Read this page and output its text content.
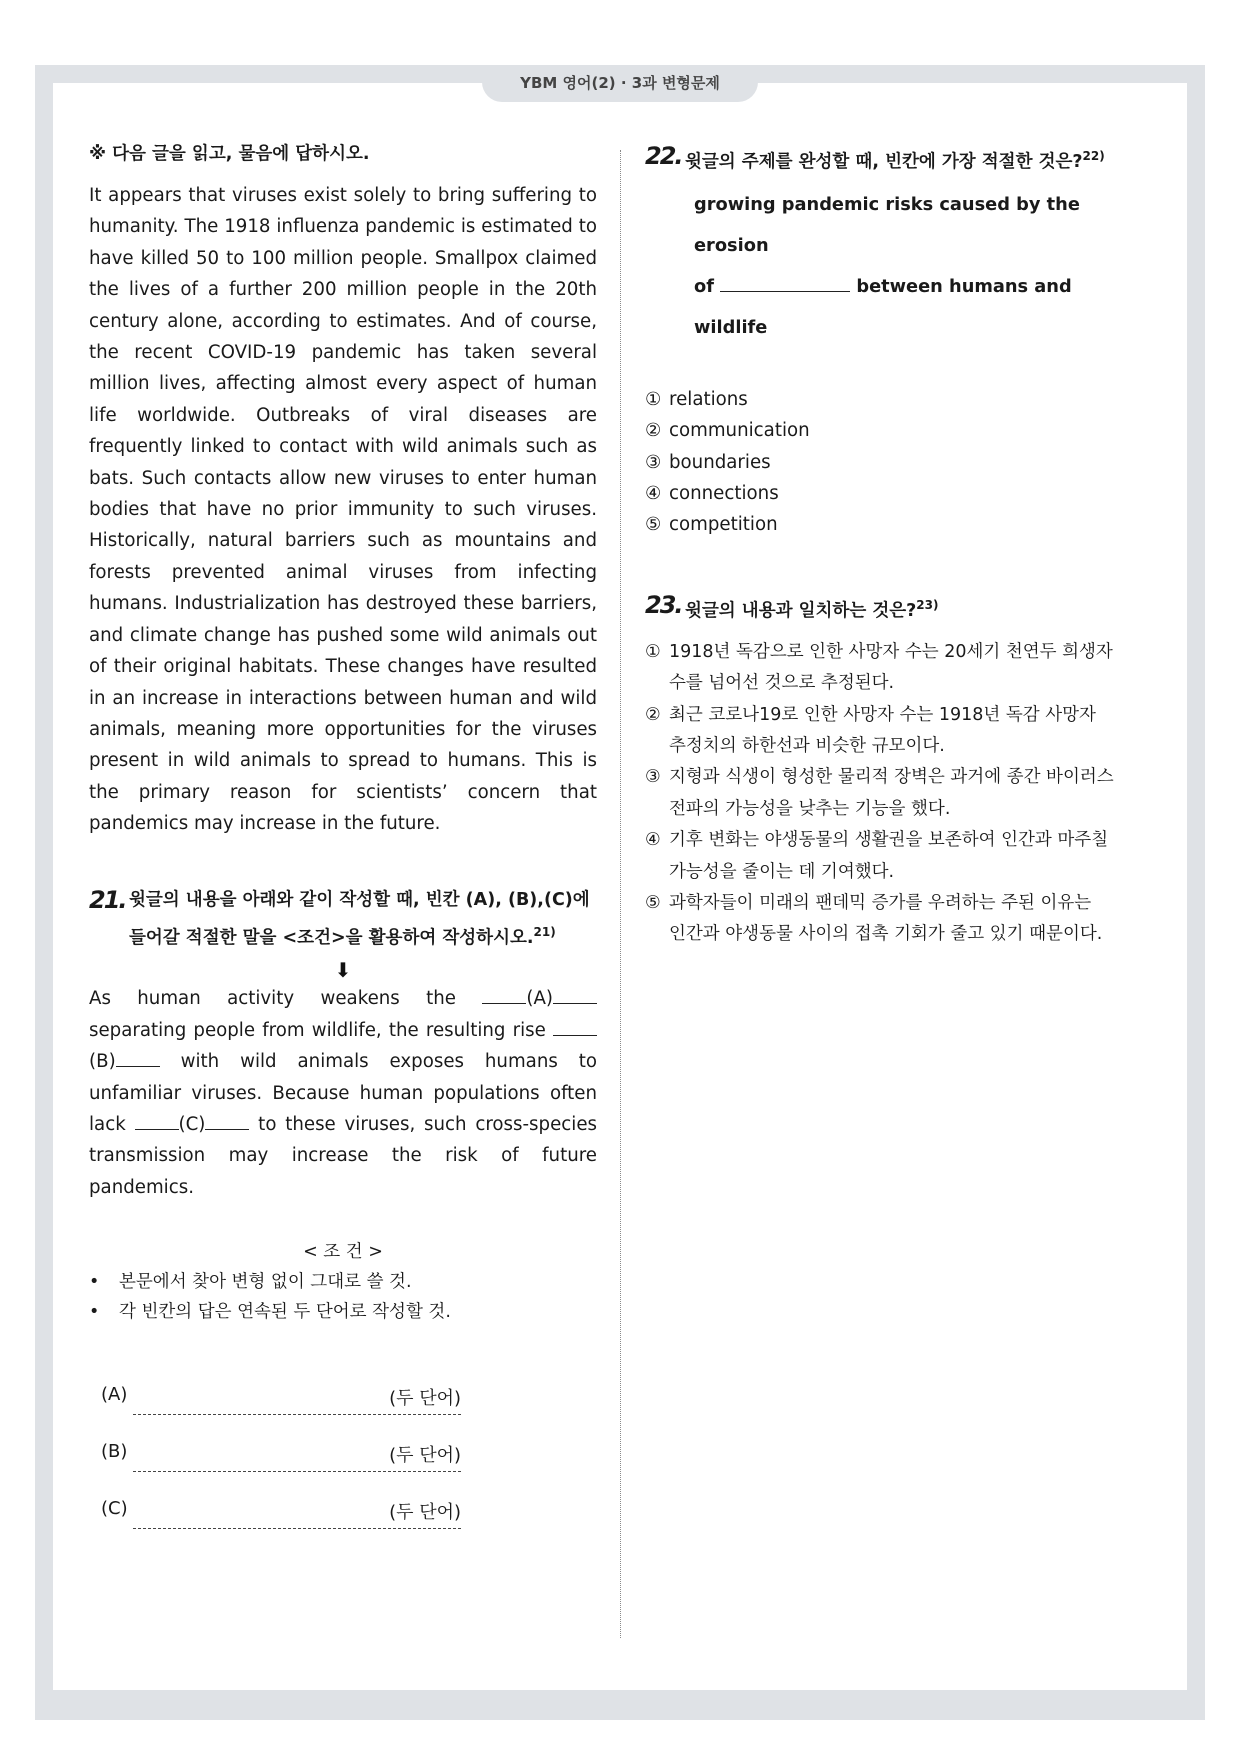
YBM 영어(2) · 3과 변형문제
※ 다음 글을 읽고, 물음에 답하시오.

It appears that viruses exist solely to bring suffering to humanity. The 1918 influenza pandemic is estimated to have killed 50 to 100 million people. Smallpox claimed the lives of a further 200 million people in the 20th century alone, according to estimates. And of course, the recent COVID-19 pandemic has taken several million lives, affecting almost every aspect of human life worldwide. Outbreaks of viral diseases are frequently linked to contact with wild animals such as bats. Such contacts allow new viruses to enter human bodies that have no prior immunity to such viruses. Historically, natural barriers such as mountains and forests prevented animal viruses from infecting humans. Industrialization has destroyed these barriers, and climate change has pushed some wild animals out of their original habitats. These changes have resulted in an increase in interactions between human and wild animals, meaning more opportunities for the viruses present in wild animals to spread to humans. This is the primary reason for scientists’ concern that pandemics may increase in the future.

21. 윗글의 내용을 아래와 같이 작성할 때, 빈칸 (A), (B),(C)에
들어갈 적절한 말을 <조건>을 활용하여 작성하시오.$^{21)}$
⬇

As human activity weakens the (A) separating people from wildlife, the resulting rise (B) with wild animals exposes humans to unfamiliar viruses. Because human populations often lack (C) to these viruses, such cross-species transmission may increase the risk of future pandemics.

< 조 건 >
• 본문에서 찾아 변형 없이 그대로 쓸 것.
• 각 빈칸의 답은 연속된 두 단어로 작성할 것.
(A)	(두 단어)
(B)	(두 단어)
(C)	(두 단어)
22. 윗글의 주제를 완성할 때, 빈칸에 가장 적절한 것은?$^{22)}$
growing pandemic risks caused by the erosion
of	between humans and wildlife
① relations
② communication
③ boundaries
④ connections
⑤ competition
23. 윗글의 내용과 일치하는 것은?$^{23)}$
① 1918년 독감으로 인한 사망자 수는 20세기 천연두 희생자
수를 넘어선 것으로 추정된다.
② 최근 코로나19로 인한 사망자 수는 1918년 독감 사망자
추정치의 하한선과 비슷한 규모이다.
③ 지형과 식생이 형성한 물리적 장벽은 과거에 종간 바이러스
전파의 가능성을 낮추는 기능을 했다.
④ 기후 변화는 야생동물의 생활권을 보존하여 인간과 마주칠
가능성을 줄이는 데 기여했다.
⑤ 과학자들이 미래의 팬데믹 증가를 우려하는 주된 이유는
인간과 야생동물 사이의 접촉 기회가 줄고 있기 때문이다.
